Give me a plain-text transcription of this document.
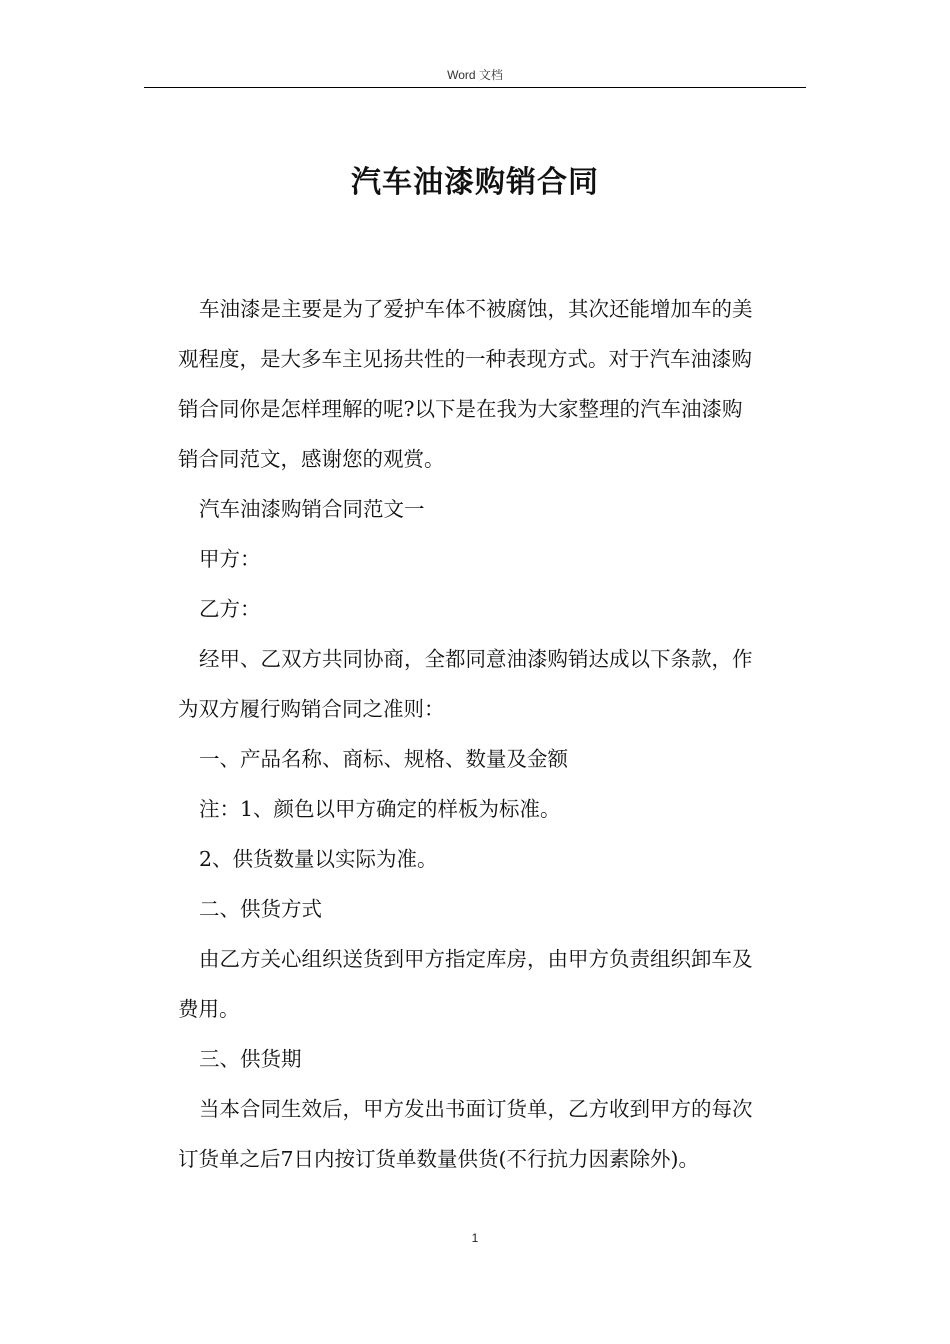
Word 文档
汽车油漆购销合同

车油漆是主要是为了爱护车体不被腐蚀，其次还能增加车的美

观程度，是大多车主见扬共性的一种表现方式。对于汽车油漆购

销合同你是怎样理解的呢?以下是在我为大家整理的汽车油漆购

销合同范文，感谢您的观赏。

汽车油漆购销合同范文一

甲方：

乙方：

经甲、乙双方共同协商，全都同意油漆购销达成以下条款，作

为双方履行购销合同之准则：

一、产品名称、商标、规格、数量及金额

注：1、颜色以甲方确定的样板为标准。

2、供货数量以实际为准。

二、供货方式

由乙方关心组织送货到甲方指定库房，由甲方负责组织卸车及

费用。

三、供货期

当本合同生效后，甲方发出书面订货单，乙方收到甲方的每次

订货单之后7日内按订货单数量供货(不行抗力因素除外)。

1
